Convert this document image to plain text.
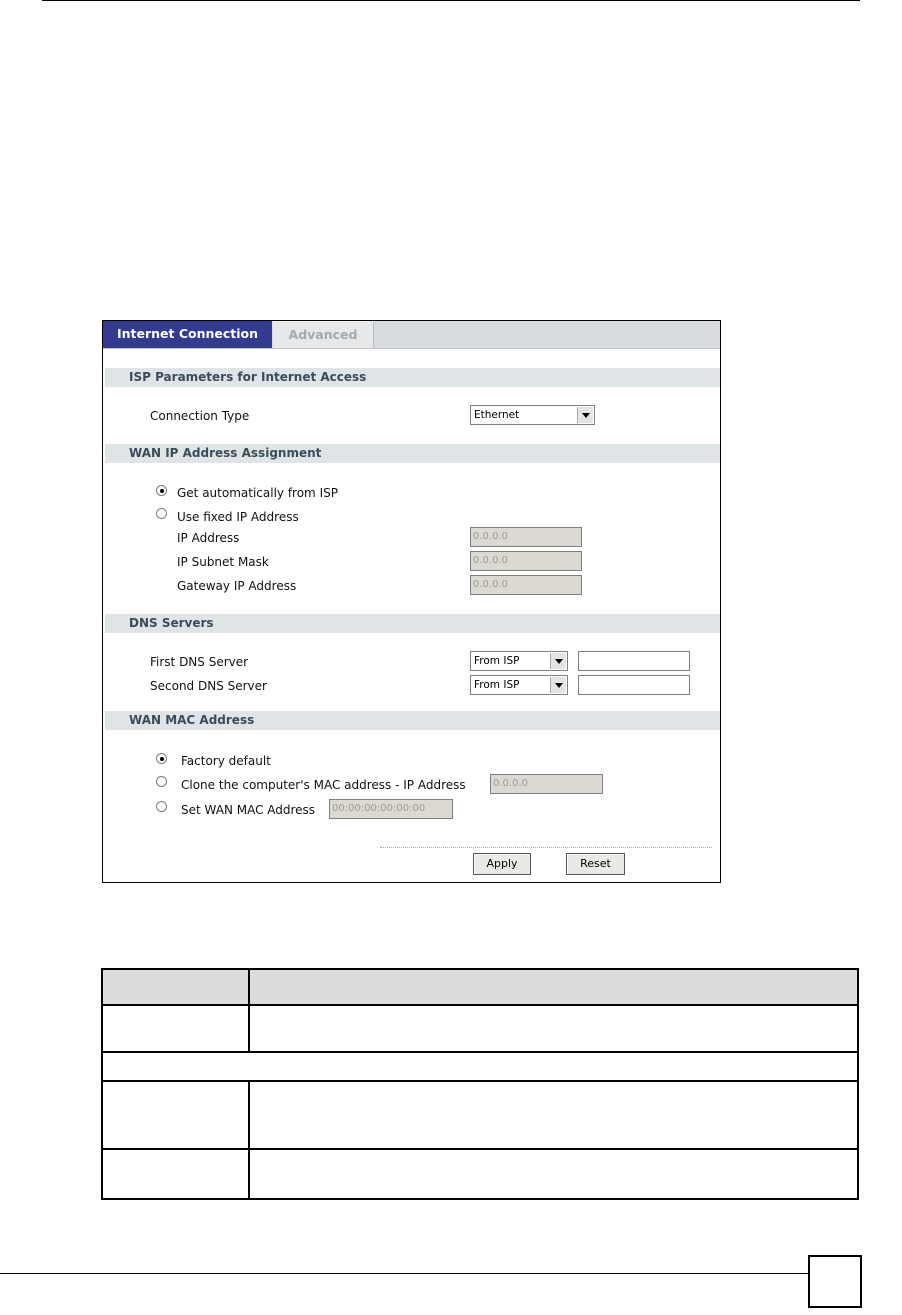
Internet Connection	Advanced
ISP Parameters for Internet Access
Connection Type	Ethernet
WAN IP Address Assignment
Get automatically from ISP
Use fixed IP Address
IP Address	0.0.0.0
IP Subnet Mask	0.0.0.0
Gateway IP Address	0.0.0.0
DNS Servers
First DNS Server	From ISP
Second DNS Server	From ISP
WAN MAC Address
Factory default
Clone the computer's MAC address - IP Address	0.0.0.0
Set WAN MAC Address	00:00:00:00:00:00
Apply	Reset
